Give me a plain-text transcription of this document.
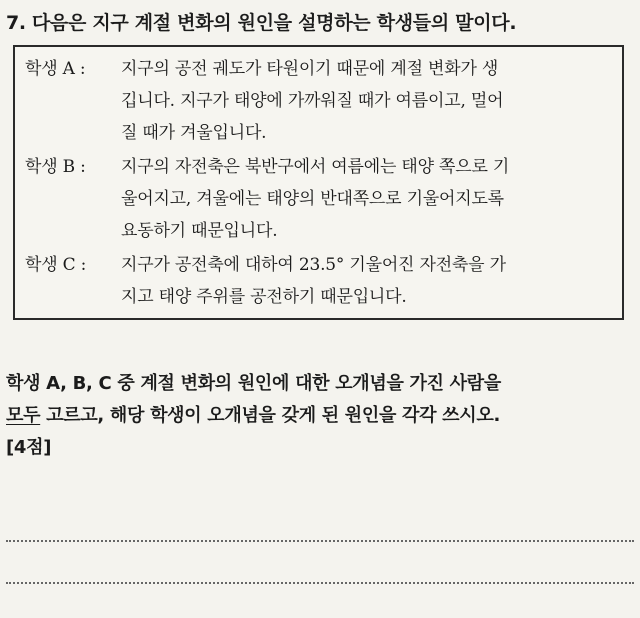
7. 다음은 지구 계절 변화의 원인을 설명하는 학생들의 말이다.
학생 A : 지구의 공전 궤도가 타원이기 때문에 계절 변화가 생
깁니다. 지구가 태양에 가까워질 때가 여름이고, 멀어
질 때가 겨울입니다.
학생 B : 지구의 자전축은 북반구에서 여름에는 태양 쪽으로 기
울어지고, 겨울에는 태양의 반대쪽으로 기울어지도록
요동하기 때문입니다.
학생 C : 지구가 공전축에 대하여 23.5° 기울어진 자전축을 가
지고 태양 주위를 공전하기 때문입니다.
학생 A, B, C 중 계절 변화의 원인에 대한 오개념을 가진 사람을
모두 고르고, 해당 학생이 오개념을 갖게 된 원인을 각각 쓰시오.
[4점]
